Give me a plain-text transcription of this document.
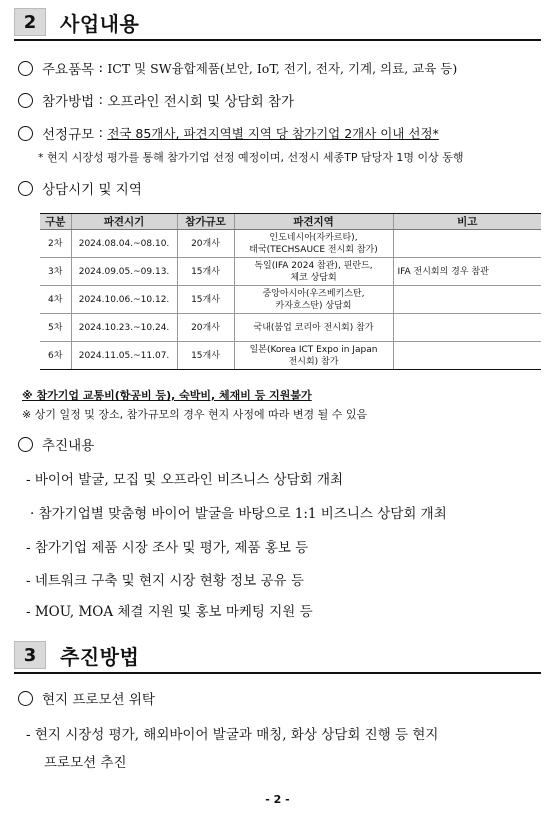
2	사업내용
주요품목 : ICT 및 SW융합제품(보안, IoT, 전기, 전자, 기계, 의료, 교육 등)
참가방법 : 오프라인 전시회 및 상담회 참가
선정규모 : 전국 85개사, 파견지역별 지역 당 참가기업 2개사 이내 선정*
* 현지 시장성 평가를 통해 참가기업 선정 예정이며, 선정시 세종TP 담당자 1명 이상 동행
상담시기 및 지역
구분	파견시기	참가규모	파견지역	비고
2차	2024.08.04.~08.10.	20개사	인도네시아(자카르타),
태국(TECHSAUCE 전시회 참가)	

3차	2024.09.05.~09.13.	15개사	독일(IFA 2024 참관), 핀란드,
체코 상담회	IFA 전시회의 경우 참관
4차	2024.10.06.~10.12.	15개사	중앙아시아(우즈베키스탄,
카자흐스탄) 상담회	

5차	2024.10.23.~10.24.	20개사	국내(붐업 코리아 전시회) 참가	

6차	2024.11.05.~11.07.	15개사	일본(Korea ICT Expo in Japan
전시회) 참가	

※ 참가기업 교통비(항공비 등), 숙박비, 체재비 등 지원불가
※ 상기 일정 및 장소, 참가규모의 경우 현지 사정에 따라 변경 될 수 있음
추진내용
- 바이어 발굴, 모집 및 오프라인 비즈니스 상담회 개최
· 참가기업별 맞춤형 바이어 발굴을 바탕으로 1:1 비즈니스 상담회 개최
- 참가기업 제품 시장 조사 및 평가, 제품 홍보 등
- 네트워크 구축 및 현지 시장 현황 정보 공유 등
- MOU, MOA 체결 지원 및 홍보 마케팅 지원 등
3	추진방법
현지 프로모션 위탁
- 현지 시장성 평가, 해외바이어 발굴과 매칭, 화상 상담회 진행 등 현지
프로모션 추진
- 2 -
